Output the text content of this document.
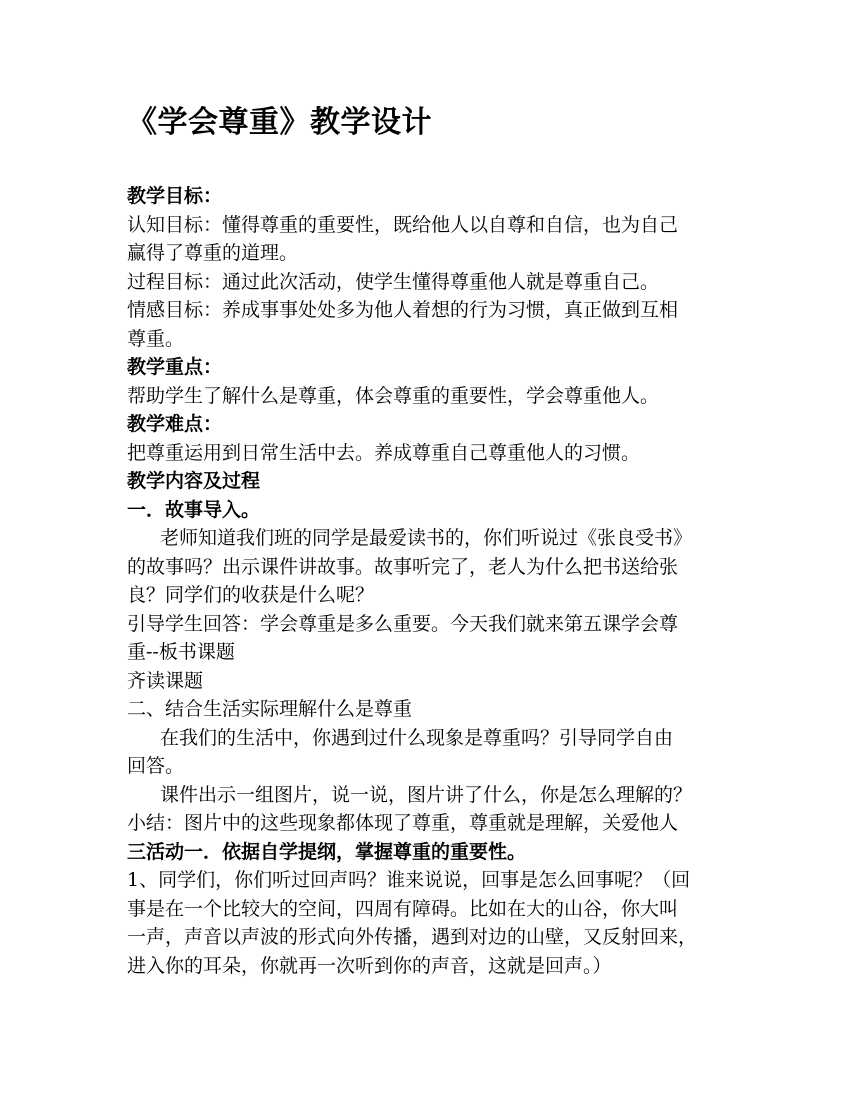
《学会尊重》教学设计
教学目标：
认知目标：懂得尊重的重要性，既给他人以自尊和自信，也为自己
赢得了尊重的道理。
过程目标：通过此次活动，使学生懂得尊重他人就是尊重自己。
情感目标：养成事事处处多为他人着想的行为习惯，真正做到互相
尊重。
教学重点：
帮助学生了解什么是尊重，体会尊重的重要性，学会尊重他人。
教学难点：
把尊重运用到日常生活中去。养成尊重自己尊重他人的习惯。
教学内容及过程
一．故事导入。
老师知道我们班的同学是最爱读书的，你们听说过《张良受书》
的故事吗？出示课件讲故事。故事听完了，老人为什么把书送给张
良？同学们的收获是什么呢？
引导学生回答：学会尊重是多么重要。今天我们就来第五课学会尊
重--板书课题
齐读课题
二、结合生活实际理解什么是尊重
在我们的生活中，你遇到过什么现象是尊重吗？引导同学自由
回答。
课件出示一组图片，说一说，图片讲了什么，你是怎么理解的？
小结：图片中的这些现象都体现了尊重，尊重就是理解，关爱他人
三活动一．依据自学提纲，掌握尊重的重要性。
1、同学们，你们听过回声吗？谁来说说，回事是怎么回事呢？（回
事是在一个比较大的空间，四周有障碍。比如在大的山谷，你大叫
一声，声音以声波的形式向外传播，遇到对边的山壁，又反射回来，
进入你的耳朵，你就再一次听到你的声音，这就是回声。）
